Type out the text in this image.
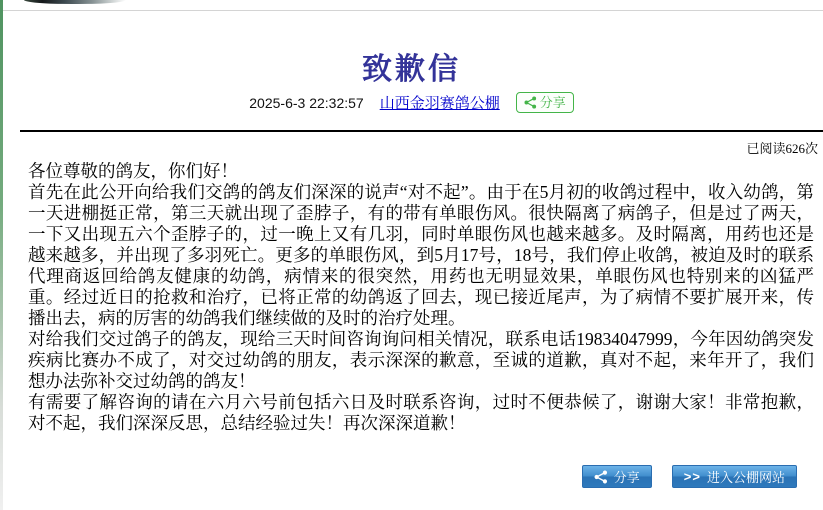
致歉信
2025-6-3 22:32:57 山西金羽赛鸽公棚	分享
已阅读626次

各位尊敬的鸽友，你们好！

首先在此公开向给我们交鸽的鸽友们深深的说声“对不起”。由于在5月初的收鸽过程中，收入幼鸽，第一天进棚挺正常，第三天就出现了歪脖子，有的带有单眼伤风。很快隔离了病鸽子，但是过了两天，一下又出现五六个歪脖子的，过一晚上又有几羽，同时单眼伤风也越来越多。及时隔离，用药也还是越来越多，并出现了多羽死亡。更多的单眼伤风，到5月17号，18号，我们停止收鸽，被迫及时的联系代理商返回给鸽友健康的幼鸽，病情来的很突然，用药也无明显效果，单眼伤风也特别来的凶猛严重。经过近日的抢救和治疗，已将正常的幼鸽返了回去，现已接近尾声，为了病情不要扩展开来，传播出去，病的厉害的幼鸽我们继续做的及时的治疗处理。

对给我们交过鸽子的鸽友，现给三天时间咨询询问相关情况，联系电话19834047999，今年因幼鸽突发疾病比赛办不成了，对交过幼鸽的朋友，表示深深的歉意，至诚的道歉，真对不起，来年开了，我们想办法弥补交过幼鸽的鸽友！

有需要了解咨询的请在六月六号前包括六日及时联系咨询，过时不便恭候了，谢谢大家！非常抱歉，对不起，我们深深反思，总结经验过失！再次深深道歉！

分享	>> 进入公棚网站
